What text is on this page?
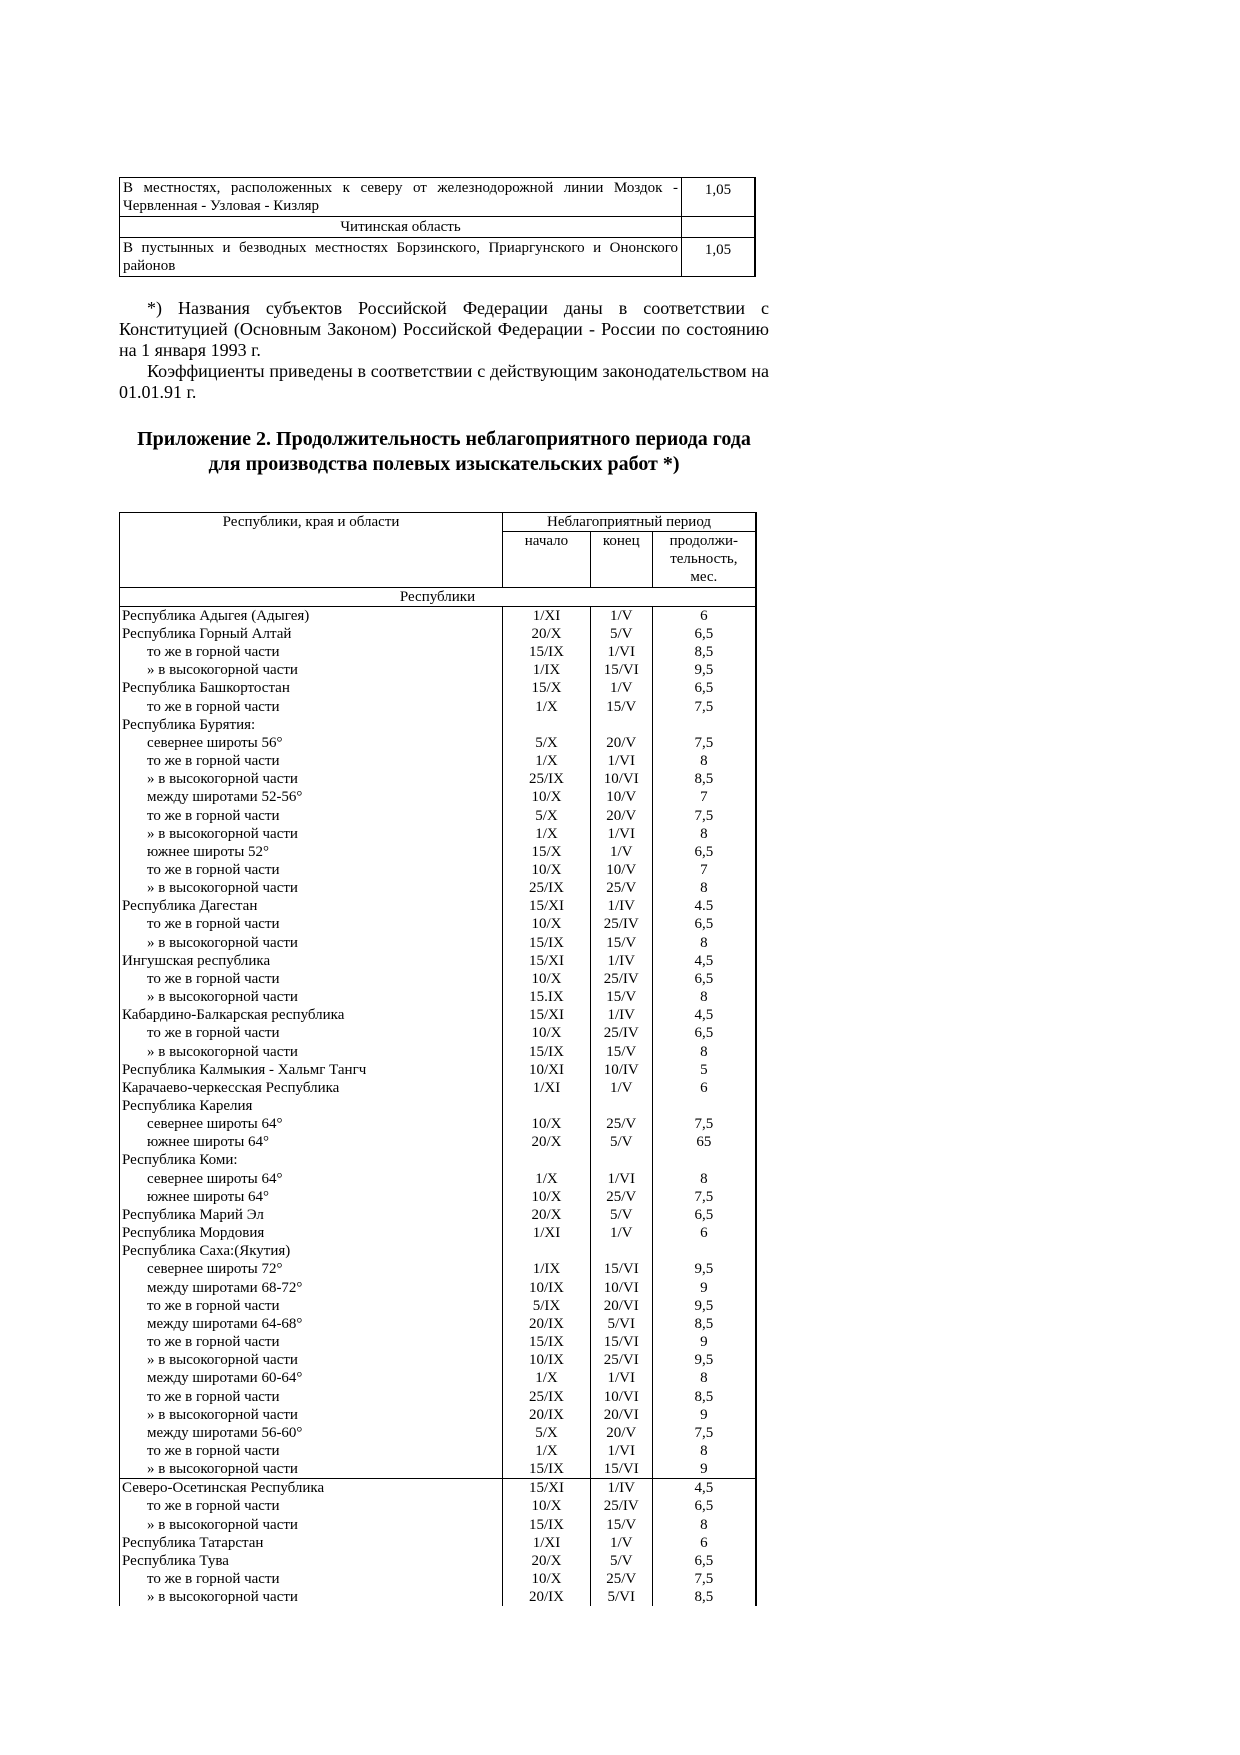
В местностях, расположенных к северу от железнодорожной линии Моздок - Червленная - Узловая - Кизляр	1,05
Читинская область	
В пустынных и безводных местностях Борзинского, Приаргунского и Ононского районов	1,05

*) Названия субъектов Российской Федерации даны в соответствии с Конституцией (Основным Законом) Российской Федерации - России по состоянию на 1 января 1993 г.

Коэффициенты приведены в соответствии с действующим законодательством на 01.01.91 г.

Приложение 2. Продолжительность неблагоприятного периода года
для производства полевых изыскательских работ *)
Республики, края и области	Неблагоприятный период		
	начало	конец	продолжи-
тельность,
мес.
Республики			
Республика Адыгея (Адыгея)	1/XI	1/V	6
Республика Горный Алтай	20/X	5/V	6,5
то же в горной части	15/IX	1/VI	8,5
» в высокогорной части	1/IX	15/VI	9,5
Республика Башкортостан	15/X	1/V	6,5
то же в горной части	1/X	15/V	7,5
Республика Бурятия:			
севернее широты 56°	5/X	20/V	7,5
то же в горной части	1/X	1/VI	8
» в высокогорной части	25/IX	10/VI	8,5
между широтами 52-56°	10/X	10/V	7
то же в горной части	5/X	20/V	7,5
» в высокогорной части	1/X	1/VI	8
южнее широты 52°	15/X	1/V	6,5
то же в горной части	10/X	10/V	7
» в высокогорной части	25/IX	25/V	8
Республика Дагестан	15/XI	1/IV	4.5
то же в горной части	10/X	25/IV	6,5
» в высокогорной части	15/IX	15/V	8
Ингушская республика	15/XI	1/IV	4,5
то же в горной части	10/X	25/IV	6,5
» в высокогорной части	15.IX	15/V	8
Кабардино-Балкарская республика	15/XI	1/IV	4,5
то же в горной части	10/X	25/IV	6,5
» в высокогорной части	15/IX	15/V	8
Республика Калмыкия - Хальмг Тангч	10/XI	10/IV	5
Карачаево-черкесская Республика	1/XI	1/V	6
Республика Карелия			
севернее широты 64°	10/X	25/V	7,5
южнее широты 64°	20/X	5/V	65
Республика Коми:			
севернее широты 64°	1/X	1/VI	8
южнее широты 64°	10/X	25/V	7,5
Республика Марий Эл	20/X	5/V	6,5
Республика Мордовия	1/XI	1/V	6
Республика Саха:(Якутия)			
севернее широты 72°	1/IX	15/VI	9,5
между широтами 68-72°	10/IX	10/VI	9
то же в горной части	5/IX	20/VI	9,5
между широтами 64-68°	20/IX	5/VI	8,5
то же в горной части	15/IX	15/VI	9
» в высокогорной части	10/IX	25/VI	9,5
между широтами 60-64°	1/X	1/VI	8
то же в горной части	25/IX	10/VI	8,5
» в высокогорной части	20/IX	20/VI	9
между широтами 56-60°	5/X	20/V	7,5
то же в горной части	1/X	1/VI	8
» в высокогорной части	15/IX	15/VI	9
Северо-Осетинская Республика	15/XI	1/IV	4,5
то же в горной части	10/X	25/IV	6,5
» в высокогорной части	15/IX	15/V	8
Республика Татарстан	1/XI	1/V	6
Республика Тува	20/X	5/V	6,5
то же в горной части	10/X	25/V	7,5
» в высокогорной части	20/IX	5/VI	8,5
